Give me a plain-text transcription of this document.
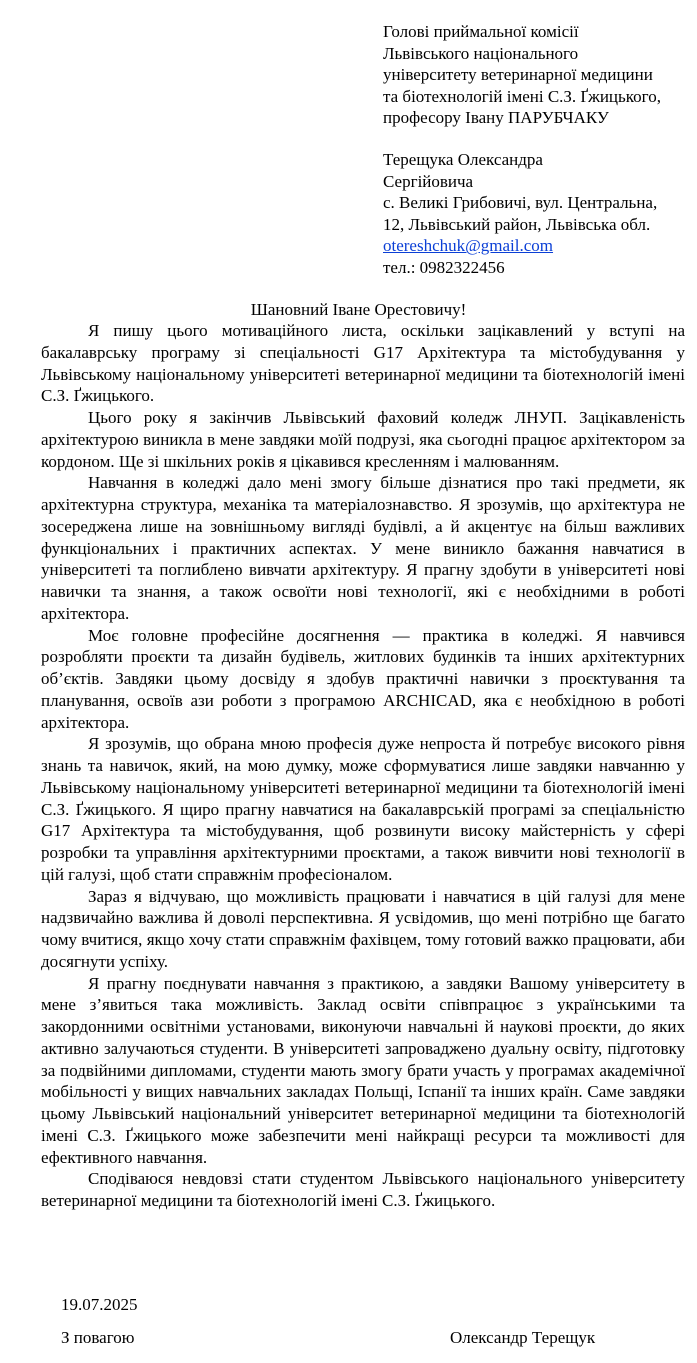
Голові приймальної комісії
Львівського національного
університету ветеринарної медицини
та біотехнологій імені С.З. Ґжицького,
професору Івану ПАРУБЧАКУ
Терещука Олександра
Сергійовича
с. Великі Грибовичі, вул. Центральна,
12, Львівський район, Львівська обл.
otereshchuk@gmail.com
тел.: 0982322456
Шановний Іване Орестовичу!

Я пишу цього мотиваційного листа, оскільки зацікавлений у вступі на бакалаврську програму зі спеціальності G17 Архітектура та містобудування у Львівському національному університеті ветеринарної медицини та біотехнологій імені С.З. Ґжицького.

Цього року я закінчив Львівський фаховий коледж ЛНУП. Зацікавленість архітектурою виникла в мене завдяки моїй подрузі, яка сьогодні працює архітектором за кордоном. Ще зі шкільних років я цікавився кресленням і малюванням.

Навчання в коледжі дало мені змогу більше дізнатися про такі предмети, як архітектурна структура, механіка та матеріалознавство. Я зрозумів, що архітектура не зосереджена лише на зовнішньому вигляді будівлі, а й акцентує на більш важливих функціональних і практичних аспектах. У мене виникло бажання навчатися в університеті та поглиблено вивчати архітектуру. Я прагну здобути в університеті нові навички та знання, а також освоїти нові технології, які є необхідними в роботі архітектора.

Моє головне професійне досягнення — практика в коледжі. Я навчився розробляти проєкти та дизайн будівель, житлових будинків та інших архітектурних об’єктів. Завдяки цьому досвіду я здобув практичні навички з проєктування та планування, освоїв ази роботи з програмою ARCHICAD, яка є необхідною в роботі архітектора.

Я зрозумів, що обрана мною професія дуже непроста й потребує високого рівня знань та навичок, який, на мою думку, може сформуватися лише завдяки навчанню у Львівському національному університеті ветеринарної медицини та біотехнологій імені С.З. Ґжицького. Я щиро прагну навчатися на бакалаврській програмі за спеціальністю G17 Архітектура та містобудування, щоб розвинути високу майстерність у сфері розробки та управління архітектурними проєктами, а також вивчити нові технології в цій галузі, щоб стати справжнім професіоналом.

Зараз я відчуваю, що можливість працювати і навчатися в цій галузі для мене надзвичайно важлива й доволі перспективна. Я усвідомив, що мені потрібно ще багато чому вчитися, якщо хочу стати справжнім фахівцем, тому готовий важко працювати, аби досягнути успіху.

Я прагну поєднувати навчання з практикою, а завдяки Вашому університету в мене з’явиться така можливість. Заклад освіти співпрацює з українськими та закордонними освітніми установами, виконуючи навчальні й наукові проєкти, до яких активно залучаються студенти. В університеті запроваджено дуальну освіту, підготовку за подвійними дипломами, студенти мають змогу брати участь у програмах академічної мобільності у вищих навчальних закладах Польщі, Іспанії та інших країн. Саме завдяки цьому Львівський національний університет ветеринарної медицини та біотехнологій імені С.З. Ґжицького може забезпечити мені найкращі ресурси та можливості для ефективного навчання.

Сподіваюся невдовзі стати студентом Львівського національного університету ветеринарної медицини та біотехнологій імені С.З. Ґжицького.

19.07.2025
З повагою	Олександр Терещук
